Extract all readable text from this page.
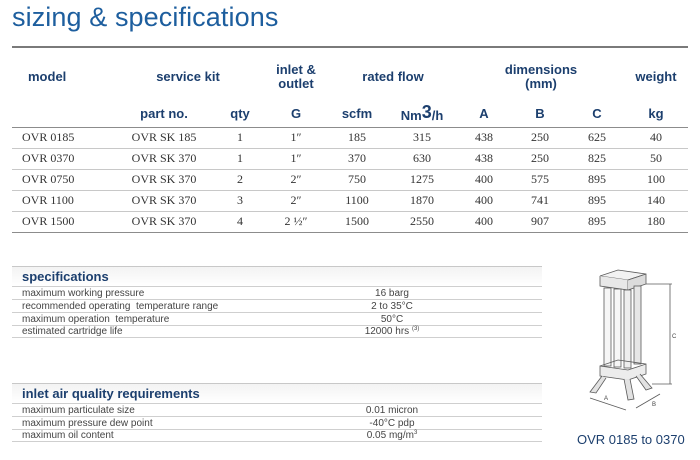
sizing & specifications
model	service kit		inlet & outlet	rated flow		dimensions
(mm)			weight
	part no.	qty	G	scfm	Nm3/h	A	B	C	kg
OVR 0185	OVR SK 185	1	1″	185	315	438	250	625	40
OVR 0370	OVR SK 370	1	1″	370	630	438	250	825	50
OVR 0750	OVR SK 370	2	2″	750	1275	400	575	895	100
OVR 1100	OVR SK 370	3	2″	1100	1870	400	741	895	140
OVR 1500	OVR SK 370	4	2 ½″	1500	2550	400	907	895	180
specifications
maximum working pressure	16 barg
recommended operating  temperature range	2 to 35°C
maximum operation  temperature	50°C
estimated cartridge life	12000 hrs $^{(3)}$
inlet air quality requirements
maximum particulate size	0.01 micron
maximum pressure dew point	-40°C pdp
maximum oil content	0.05 $mg/m^3$
C
A
B
OVR 0185 to 0370
